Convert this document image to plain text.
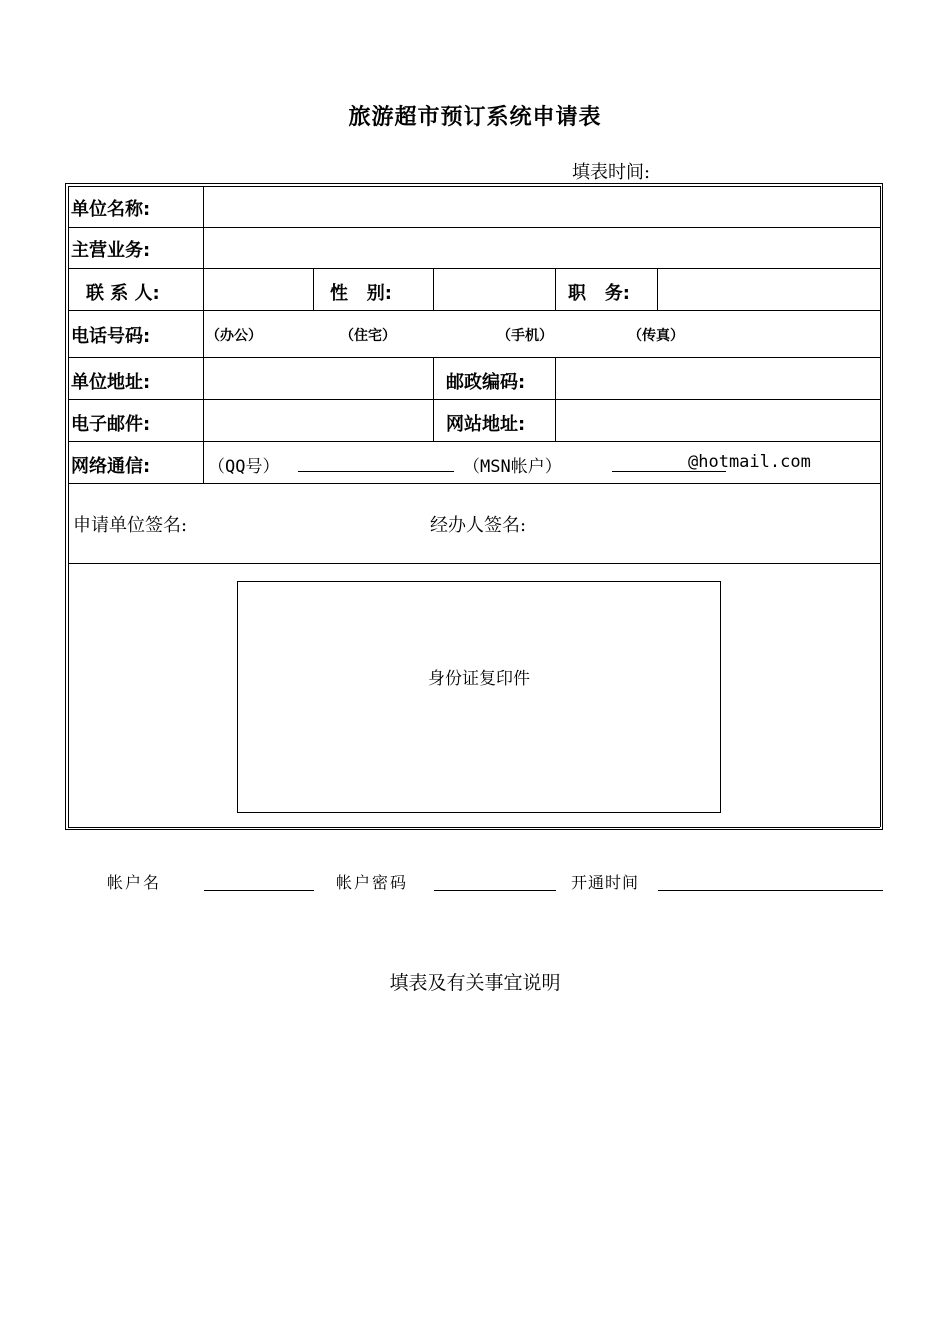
旅游超市预订系统申请表
填表时间:
单位名称:
主营业务:
联 系 人:	性   别:	职   务:
电话号码:	（办公）	（住宅）	（手机）	（传真）
单位地址:	邮政编码:
电子邮件:	网站地址:
网络通信:	（QQ号）	（MSN帐户）	@hotmail.com
申请单位签名:	经办人签名:
身份证复印件
帐户名	帐户密码	开通时间
填表及有关事宜说明
